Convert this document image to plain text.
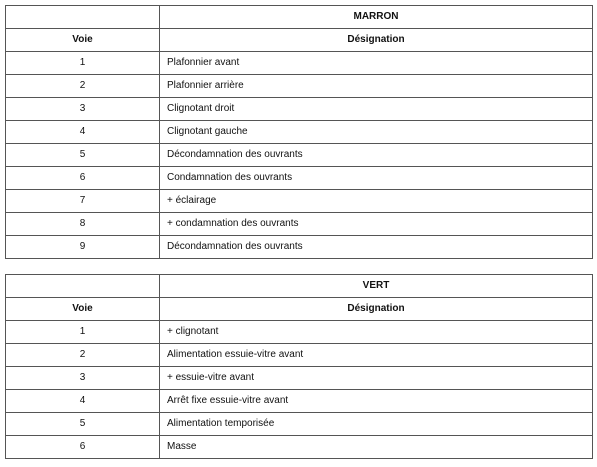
	MARRON
Voie	Désignation
1	Plafonnier avant
2	Plafonnier arrière
3	Clignotant droit
4	Clignotant gauche
5	Décondamnation des ouvrants
6	Condamnation des ouvrants
7	+ éclairage
8	+ condamnation des ouvrants
9	Décondamnation des ouvrants
	VERT
Voie	Désignation
1	+ clignotant
2	Alimentation essuie-vitre avant
3	+ essuie-vitre avant
4	Arrêt fixe essuie-vitre avant
5	Alimentation temporisée
6	Masse
